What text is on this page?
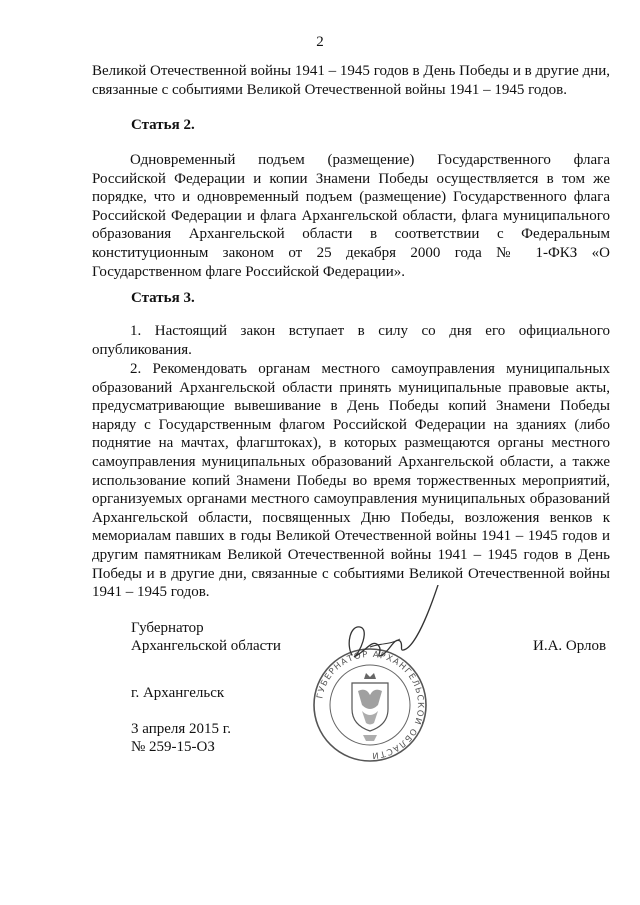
2

Великой Отечественной войны 1941 – 1945 годов в День Победы и в другие дни, связанные с событиями Великой Отечественной войны 1941 – 1945 годов.

Статья 2.

Одновременный подъем (размещение) Государственного флага Российской Федерации и копии Знамени Победы осуществляется в том же порядке, что и одновременный подъем (размещение) Государственного флага Российской Федерации и флага Архангельской области, флага муниципального образования Архангельской области в соответствии с Федеральным конституционным законом от 25 декабря 2000 года № 1-ФКЗ «О Государственном флаге Российской Федерации».

Статья 3.

1. Настоящий закон вступает в силу со дня его официального опубликования.

2. Рекомендовать органам местного самоуправления муниципальных образований Архангельской области принять муниципальные правовые акты, предусматривающие вывешивание в День Победы копий Знамени Победы наряду с Государственным флагом Российской Федерации на зданиях (либо поднятие на мачтах, флагштоках), в которых размещаются органы местного самоуправления муниципальных образований Архангельской области, а также использование копий Знамени Победы во время торжественных мероприятий, организуемых органами местного самоуправления муниципальных образований Архангельской области, посвященных Дню Победы, возложения венков к мемориалам павших в годы Великой Отечественной войны 1941 – 1945 годов и другим памятникам Великой Отечественной войны 1941 – 1945 годов в День Победы и в другие дни, связанные с событиями Великой Отечественной войны 1941 – 1945 годов.

Губернатор

Архангельской области	И.А. Орлов

г. Архангельск

3 апреля 2015 г.

№ 259-15-ОЗ

ГУБЕРНАТОР АРХАНГЕЛЬСКОЙ ОБЛАСТИ
